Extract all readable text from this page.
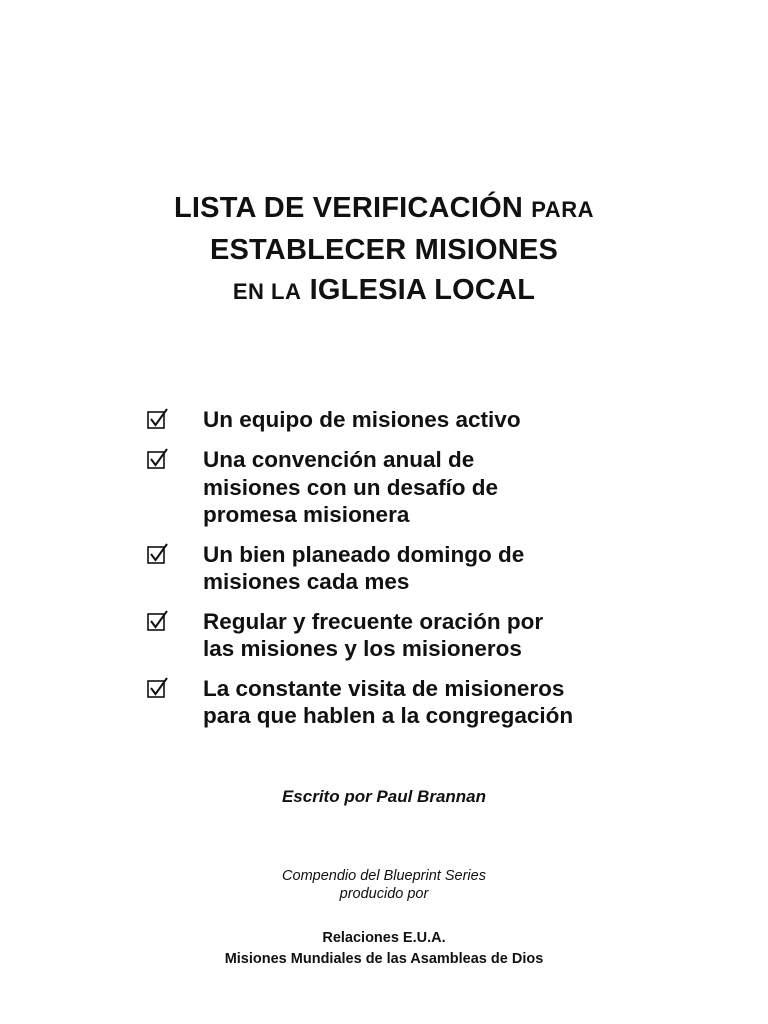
LISTA DE VERIFICACIÓN PARA
ESTABLECER MISIONES
EN LA IGLESIA LOCAL
Un equipo de misiones activo
Una convención anual de
misiones con un desafío de
promesa misionera
Un bien planeado domingo de
misiones cada mes
Regular y frecuente oración por
las misiones y los misioneros
La constante visita de misioneros
para que hablen a la congregación
Escrito por Paul Brannan
Compendio del Blueprint Series
producido por
Relaciones E.U.A.
Misiones Mundiales de las Asambleas de Dios
